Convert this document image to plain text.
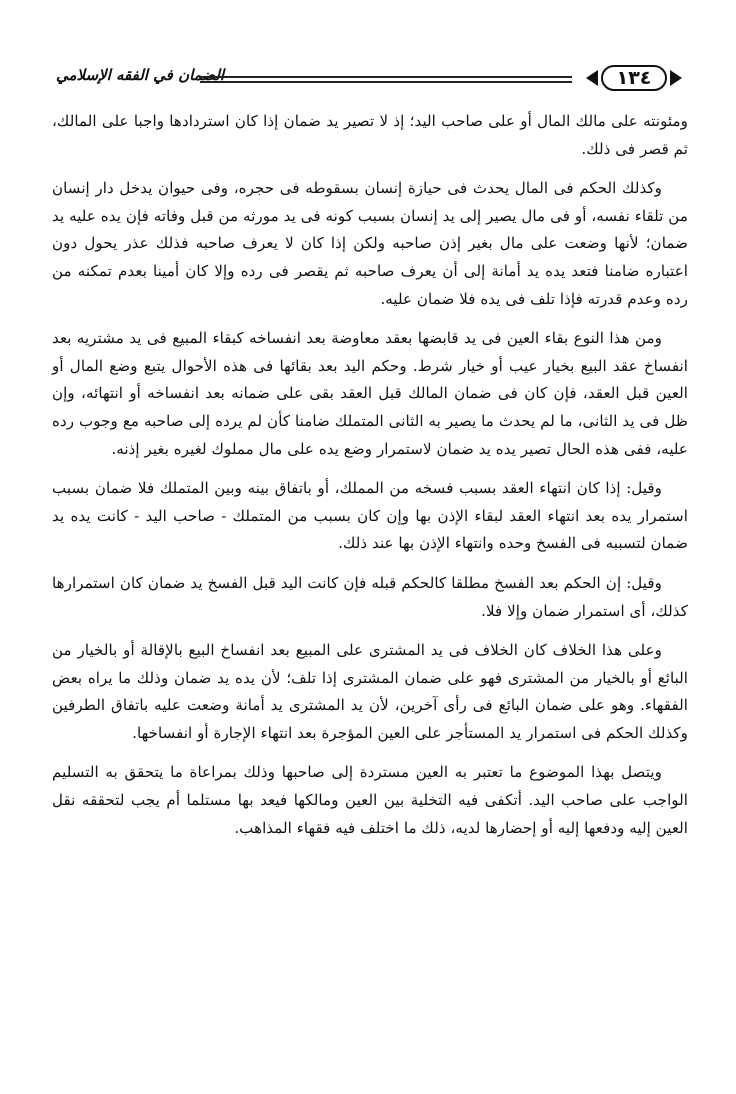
الضمان في الفقه الإسلامي	١٣٤

ومئونته على مالك المال أو على صاحب اليد؛ إذ لا تصير يد ضمان إذا كان استردادها واجبا على المالك، ثم قصر فى ذلك.

وكذلك الحكم فى المال يحدث فى حيازة إنسان بسقوطه فى حجره، وفى حيوان يدخل دار إنسان من تلقاء نفسه، أو فى مال يصير إلى يد إنسان بسبب كونه فى يد مورثه من قبل وفاته فإن يده عليه يد ضمان؛ لأنها وضعت على مال بغير إذن صاحبه ولكن إذا كان لا يعرف صاحبه فذلك عذر يحول دون اعتباره ضامنا فتعد يده يد أمانة إلى أن يعرف صاحبه ثم يقصر فى رده وإلا كان أمينا بعدم تمكنه من رده وعدم قدرته فإذا تلف فى يده فلا ضمان عليه.

ومن هذا النوع بقاء العين فى يد قابضها بعقد معاوضة بعد انفساخه كبقاء المبيع فى يد مشتريه بعد انفساخ عقد البيع بخيار عيب أو خيار شرط. وحكم اليد بعد بقائها فى هذه الأحوال يتبع وضع المال أو العين قبل العقد، فإن كان فى ضمان المالك قبل العقد بقى على ضمانه بعد انفساخه أو انتهائه، وإن ظل فى يد الثانى، ما لم يحدث ما يصير به الثانى المتملك ضامنا كأن لم يرده إلى صاحبه مع وجوب رده عليه، ففى هذه الحال تصير يده يد ضمان لاستمرار وضع يده على مال مملوك لغيره بغير إذنه.

وقيل: إذا كان انتهاء العقد بسبب فسخه من المملك، أو باتفاق بينه وبين المتملك فلا ضمان بسبب استمرار يده بعد انتهاء العقد لبقاء الإذن بها وإن كان بسبب من المتملك - صاحب اليد - كانت يده يد ضمان لتسببه فى الفسخ وحده وانتهاء الإذن بها عند ذلك.

وقيل: إن الحكم بعد الفسخ مطلقا كالحكم قبله فإن كانت اليد قبل الفسخ يد ضمان كان استمرارها كذلك، أى استمرار ضمان وإلا فلا.

وعلى هذا الخلاف كان الخلاف فى يد المشترى على المبيع بعد انفساخ البيع بالإقالة أو بالخيار من البائع أو بالخيار من المشترى فهو على ضمان المشترى إذا تلف؛ لأن يده يد ضمان وذلك ما يراه بعض الفقهاء. وهو على ضمان البائع فى رأى آخرين، لأن يد المشترى يد أمانة وضعت عليه باتفاق الطرفين وكذلك الحكم فى استمرار يد المستأجر على العين المؤجرة بعد انتهاء الإجارة أو انفساخها.

ويتصل بهذا الموضوع ما تعتبر به العين مستردة إلى صاحبها وذلك بمراعاة ما يتحقق به التسليم الواجب على صاحب اليد. أتكفى فيه التخلية بين العين ومالكها فيعد بها مستلما أم يجب لتحققه نقل العين إليه ودفعها إليه أو إحضارها لديه، ذلك ما اختلف فيه فقهاء المذاهب.
